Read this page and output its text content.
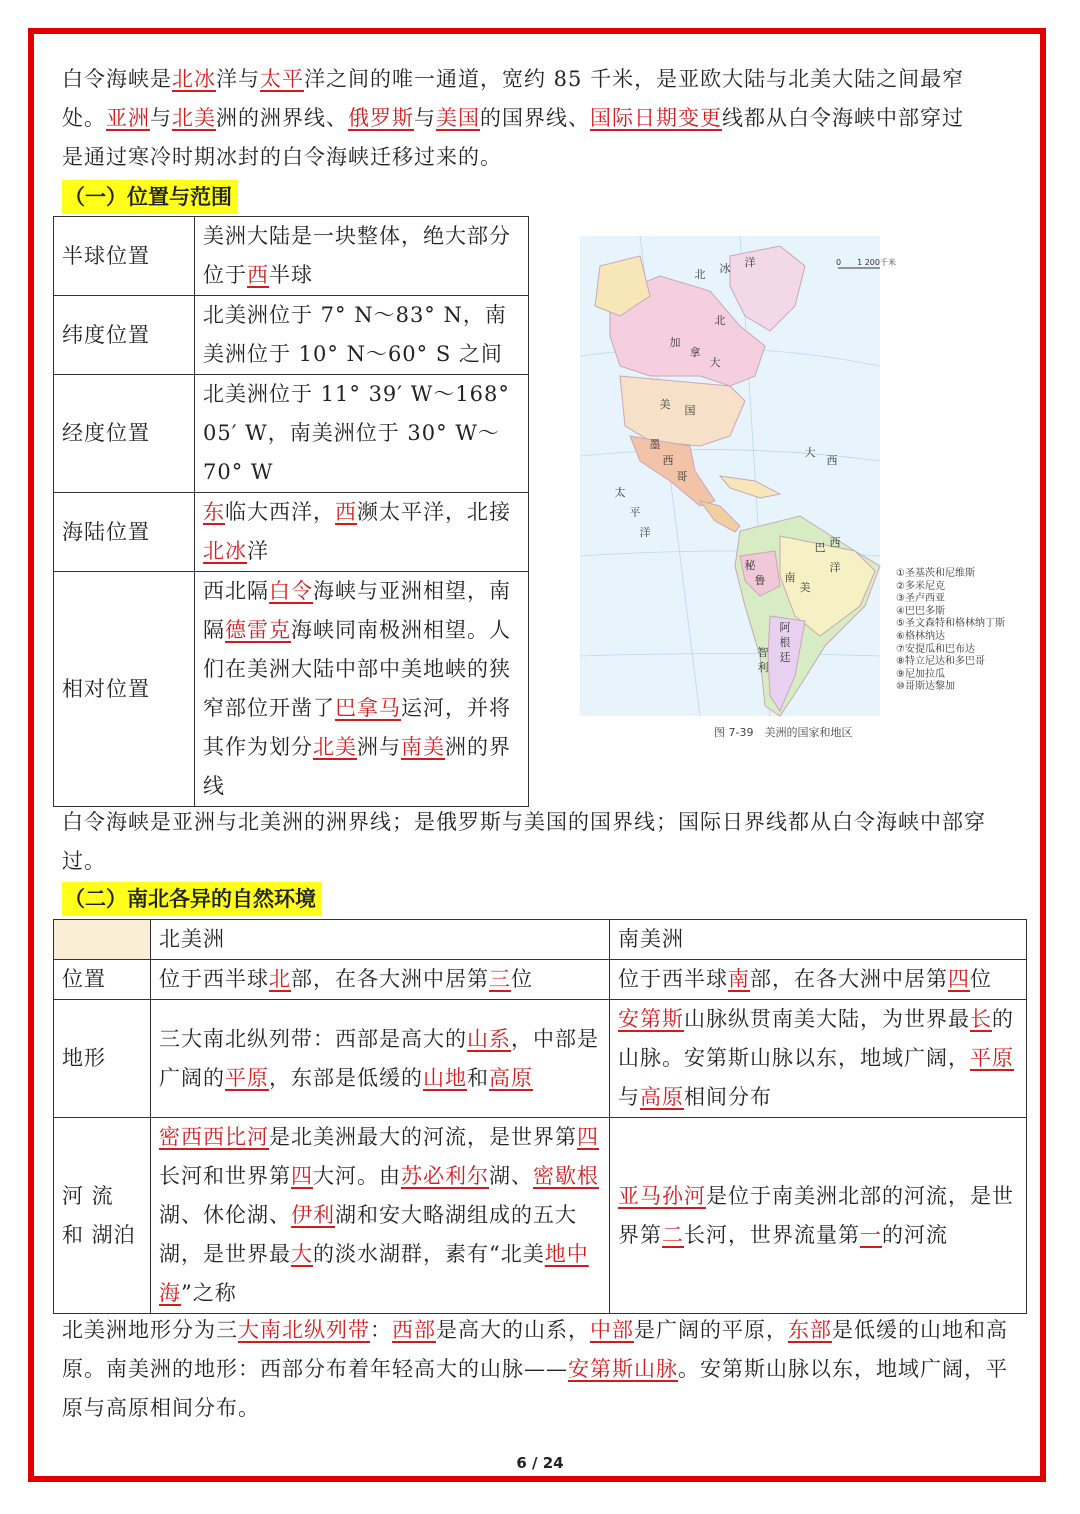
白令海峡是北冰洋与太平洋之间的唯一通道，宽约 85 千米，是亚欧大陆与北美大陆之间最窄
处。亚洲与北美洲的洲界线、俄罗斯与美国的国界线、国际日期变更线都从白令海峡中部穿过
是通过寒冷时期冰封的白令海峡迁移过来的。
（一）位置与范围
半球位置	美洲大陆是一块整体，绝大部分位于西半球
纬度位置	北美洲位于 7° N～83° N，南美洲位于 10° N～60° S 之间
经度位置	北美洲位于 11° 39′ W～168° 05′ W，南美洲位于 30° W～70° W
海陆位置	东临大西洋，西濒太平洋，北接北冰洋
相对位置	西北隔白令海峡与亚洲相望，南隔德雷克海峡同南极洲相望。人们在美洲大陆中部中美地峡的狭窄部位开凿了巴拿马运河，并将其作为划分北美洲与南美洲的界线
北 冰 洋
加
拿
大
美 国
墨
西
哥
巴 西
秘
鲁
阿
根
廷
智
利
大
西
洋
太
平
洋
南
美
北
0　　1 200千米
①圣基茨和尼维斯
②多米尼克
③圣卢西亚
④巴巴多斯
⑤圣文森特和格林纳丁斯
⑥格林纳达
⑦安提瓜和巴布达
⑧特立尼达和多巴哥
⑨尼加拉瓜
⑩哥斯达黎加
图 7-39　美洲的国家和地区
白令海峡是亚洲与北美洲的洲界线；是俄罗斯与美国的国界线；国际日界线都从白令海峡中部穿过。
（二）南北各异的自然环境
	北美洲	南美洲
位置	位于西半球北部，在各大洲中居第三位	位于西半球南部，在各大洲中居第四位
地形	三大南北纵列带：西部是高大的山系，中部是广阔的平原，东部是低缓的山地和高原	安第斯山脉纵贯南美大陆，为世界最长的山脉。安第斯山脉以东，地域广阔，平原与高原相间分布
河 流 和 湖泊	密西西比河是北美洲最大的河流，是世界第四长河和世界第四大河。由苏必利尔湖、密歇根湖、休伦湖、伊利湖和安大略湖组成的五大湖，是世界最大的淡水湖群，素有“北美地中海”之称	亚马孙河是位于南美洲北部的河流，是世界第二长河，世界流量第一的河流
北美洲地形分为三大南北纵列带：西部是高大的山系，中部是广阔的平原，东部是低缓的山地和高原。南美洲的地形：西部分布着年轻高大的山脉——安第斯山脉。安第斯山脉以东，地域广阔，平原与高原相间分布。
6 / 24
